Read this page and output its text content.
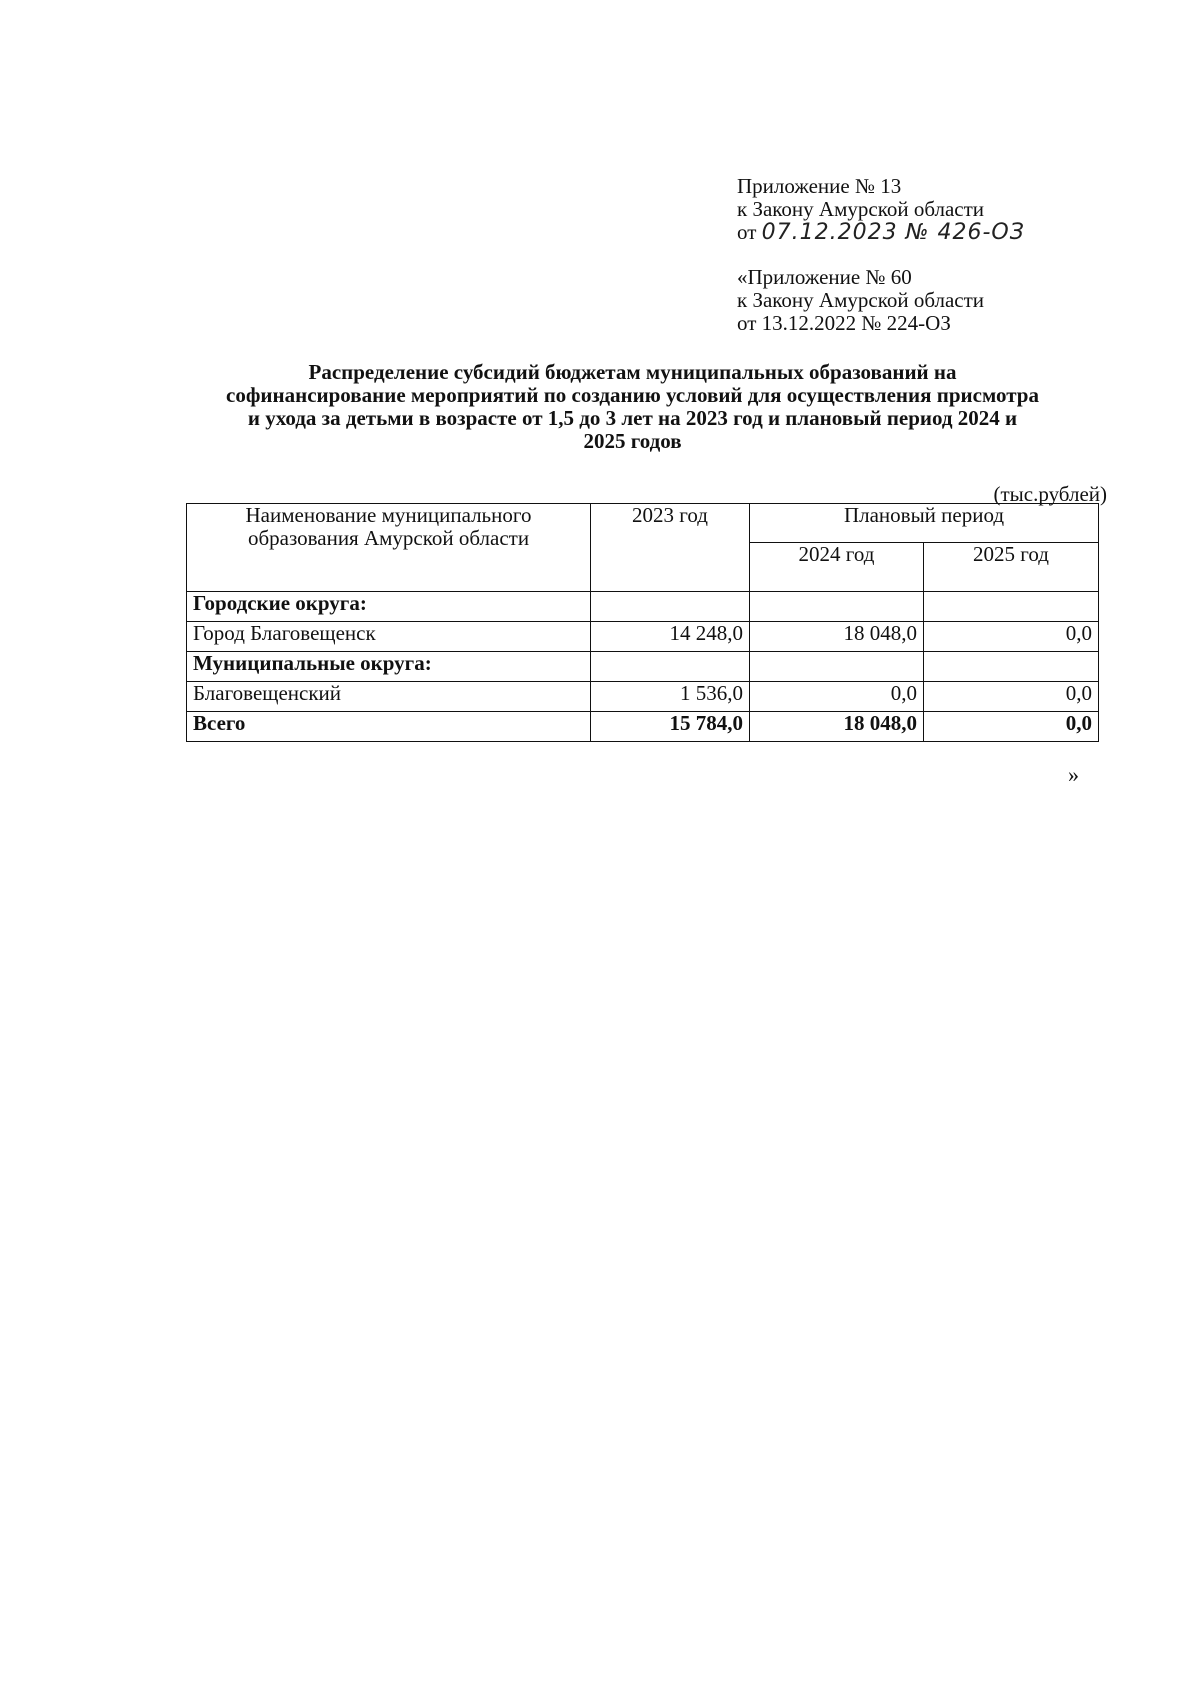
Приложение № 13
к Закону Амурской области
от 07.12.2023 № 426-ОЗ
«Приложение № 60
к Закону Амурской области
от 13.12.2022 № 224-ОЗ
Распределение субсидий бюджетам муниципальных образований на
софинансирование мероприятий по созданию условий для осуществления присмотра
и ухода за детьми в возрасте от 1,5 до 3 лет на 2023 год и плановый период 2024 и
2025 годов
(тыс.рублей)
Наименование муниципального образования Амурской области	2023 год	Плановый период	
		2024 год	2025 год
Городские округа:			
Город Благовещенск	14 248,0	18 048,0	0,0
Муниципальные округа:			
Благовещенский	1 536,0	0,0	0,0
Всего	15 784,0	18 048,0	0,0
»
